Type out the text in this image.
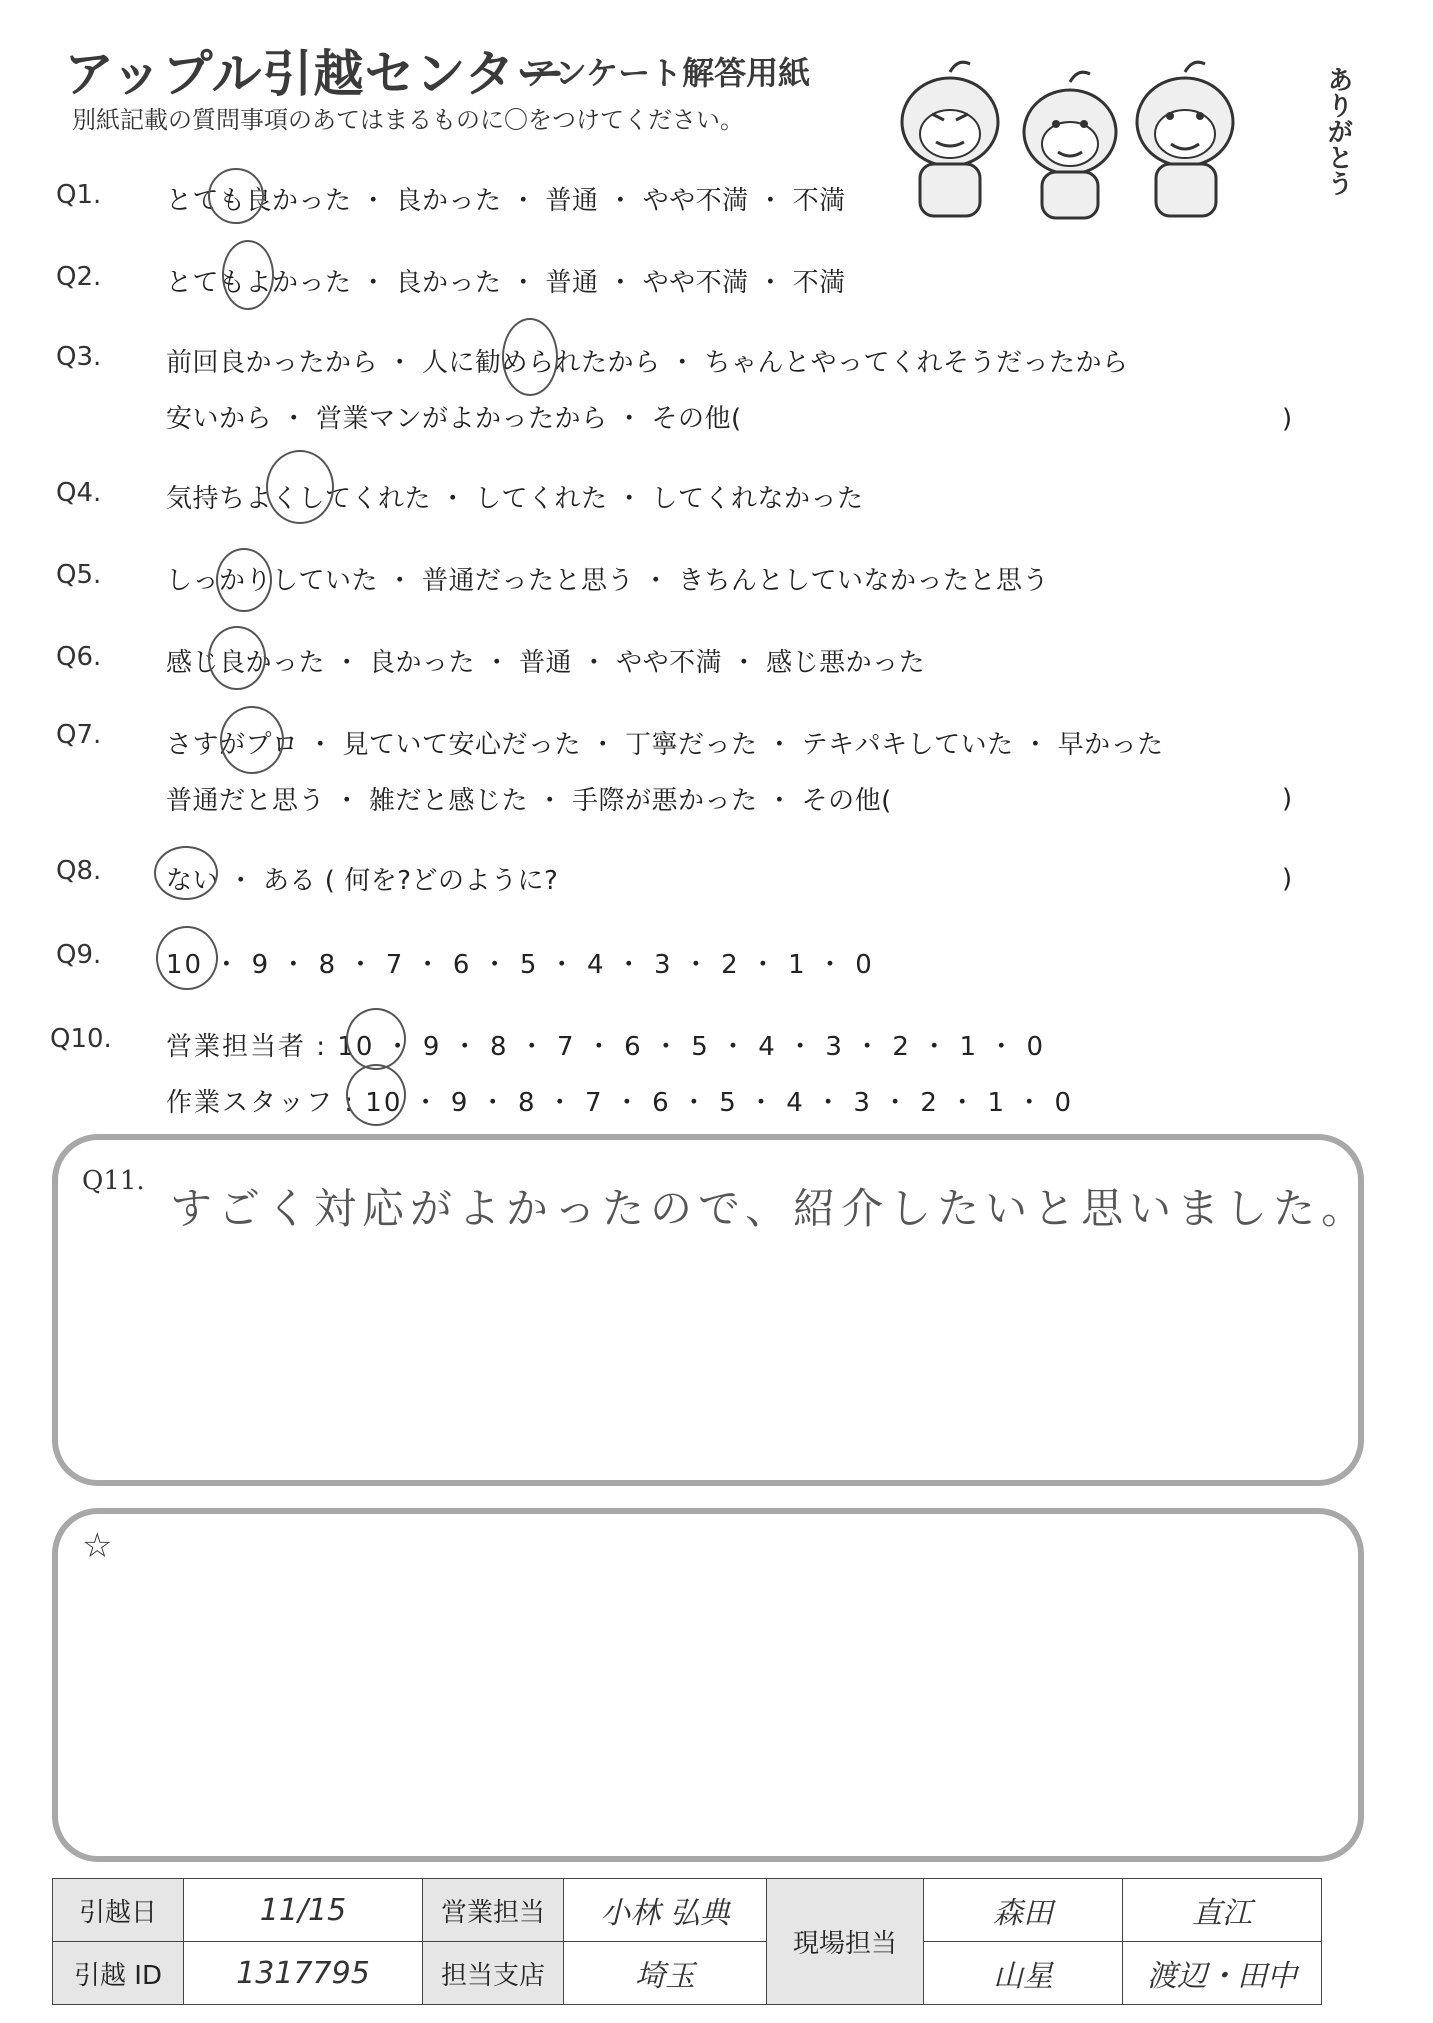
アップル引越センター
アンケート解答用紙
別紙記載の質問事項のあてはまるものに〇をつけてください。	ありがとう
Q1. とても良かった ・ 良かった ・ 普通 ・ やや不満 ・ 不満
Q2. とてもよかった ・ 良かった ・ 普通 ・ やや不満 ・ 不満
Q3. 前回良かったから ・ 人に勧められたから ・ ちゃんとやってくれそうだったから
安いから ・ 営業マンがよかったから ・ その他(	)
Q4. 気持ちよくしてくれた ・ してくれた ・ してくれなかった
Q5. しっかりしていた ・ 普通だったと思う ・ きちんとしていなかったと思う
Q6. 感じ良かった ・ 良かった ・ 普通 ・ やや不満 ・ 感じ悪かった
Q7. さすがプロ ・ 見ていて安心だった ・ 丁寧だった ・ テキパキしていた ・ 早かった
普通だと思う ・ 雑だと感じた ・ 手際が悪かった ・ その他(	)
Q8. ない ・ ある ( 何を?どのように?	)
Q9. 10 ・ 9 ・ 8 ・ 7 ・ 6 ・ 5 ・ 4 ・ 3 ・ 2 ・ 1 ・ 0
Q10. 営業担当者 : 10 ・ 9 ・ 8 ・ 7 ・ 6 ・ 5 ・ 4 ・ 3 ・ 2 ・ 1 ・ 0
作業スタッフ : 10 ・ 9 ・ 8 ・ 7 ・ 6 ・ 5 ・ 4 ・ 3 ・ 2 ・ 1 ・ 0
Q11.
すごく対応がよかったので、紹介したいと思いました。
☆
引越日	11/15	営業担当	小林 弘典	現場担当	森田	直江
引越 ID	1317795	担当支店	埼玉		山星	渡辺・田中
